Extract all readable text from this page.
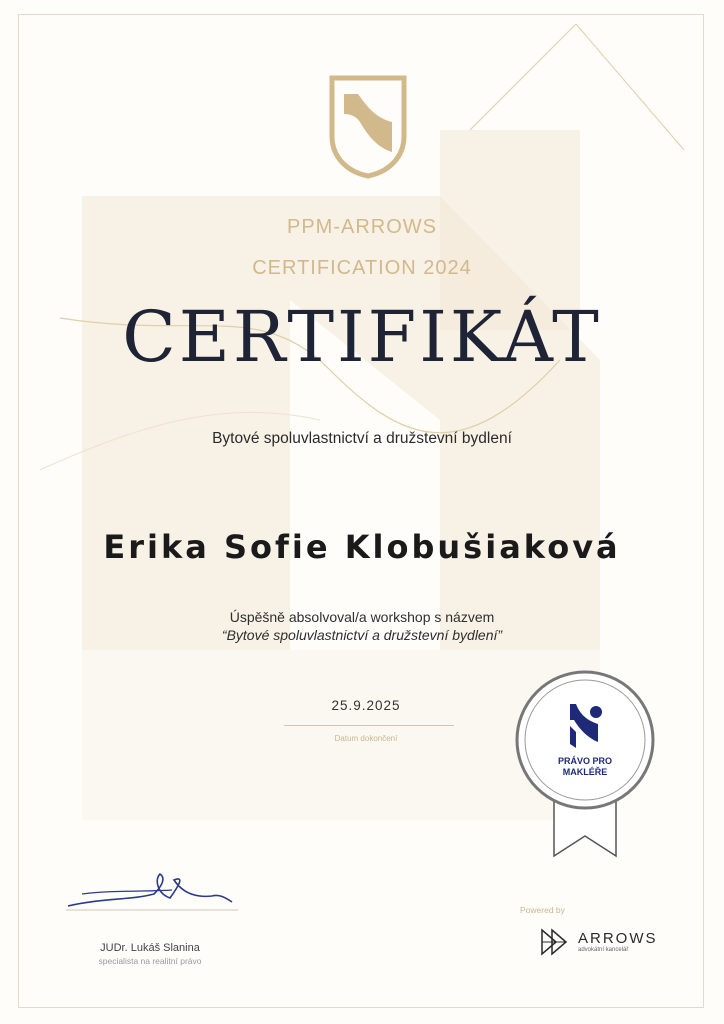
PPM-ARROWS
CERTIFICATION 2024
CERTIFIKÁT
Bytové spoluvlastnictví a družstevní bydlení
Erika Sofie Klobušiaková
Úspěšně absolvoval/a workshop s názvem
“Bytové spoluvlastnictví a družstevní bydlení”
25.9.2025
Datum dokončení
PRÁVO PRO
MAKLÉŘE
JUDr. Lukáš Slanina
specialista na realitní právo
Powered by
ARROWS
advokátní kancelář
